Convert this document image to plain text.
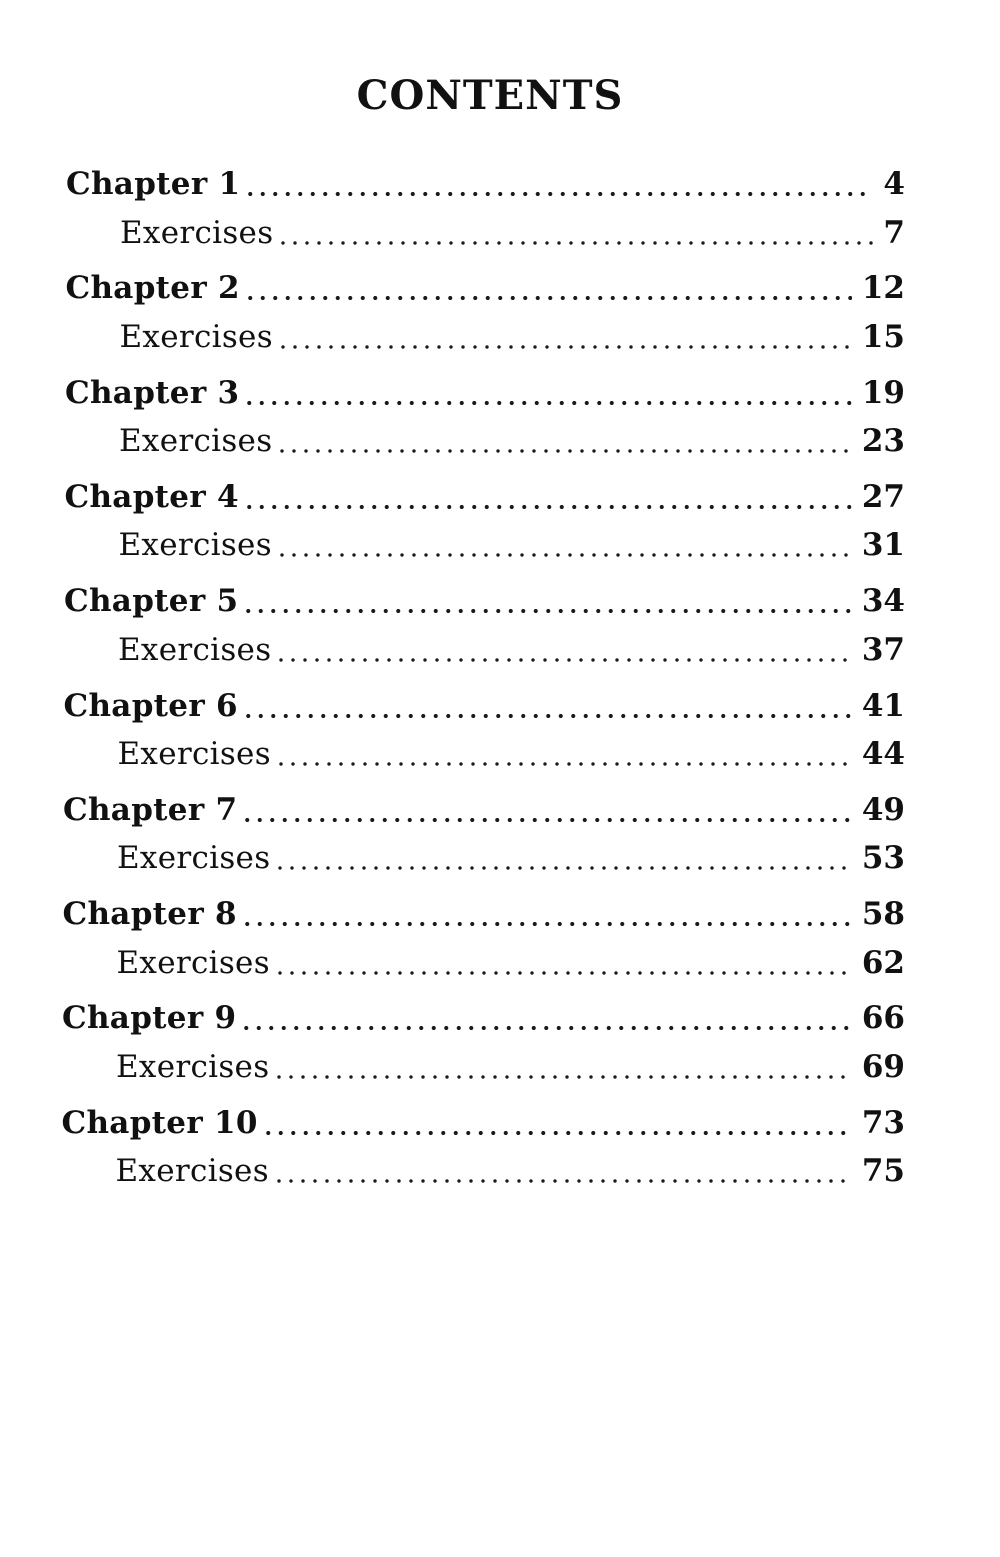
CONTENTS
Chapter 1	4
Exercises	7
Chapter 2	12
Exercises	15
Chapter 3	19
Exercises	23
Chapter 4	27
Exercises	31
Chapter 5	34
Exercises	37
Chapter 6	41
Exercises	44
Chapter 7	49
Exercises	53
Chapter 8	58
Exercises	62
Chapter 9	66
Exercises	69
Chapter 10	73
Exercises	75
